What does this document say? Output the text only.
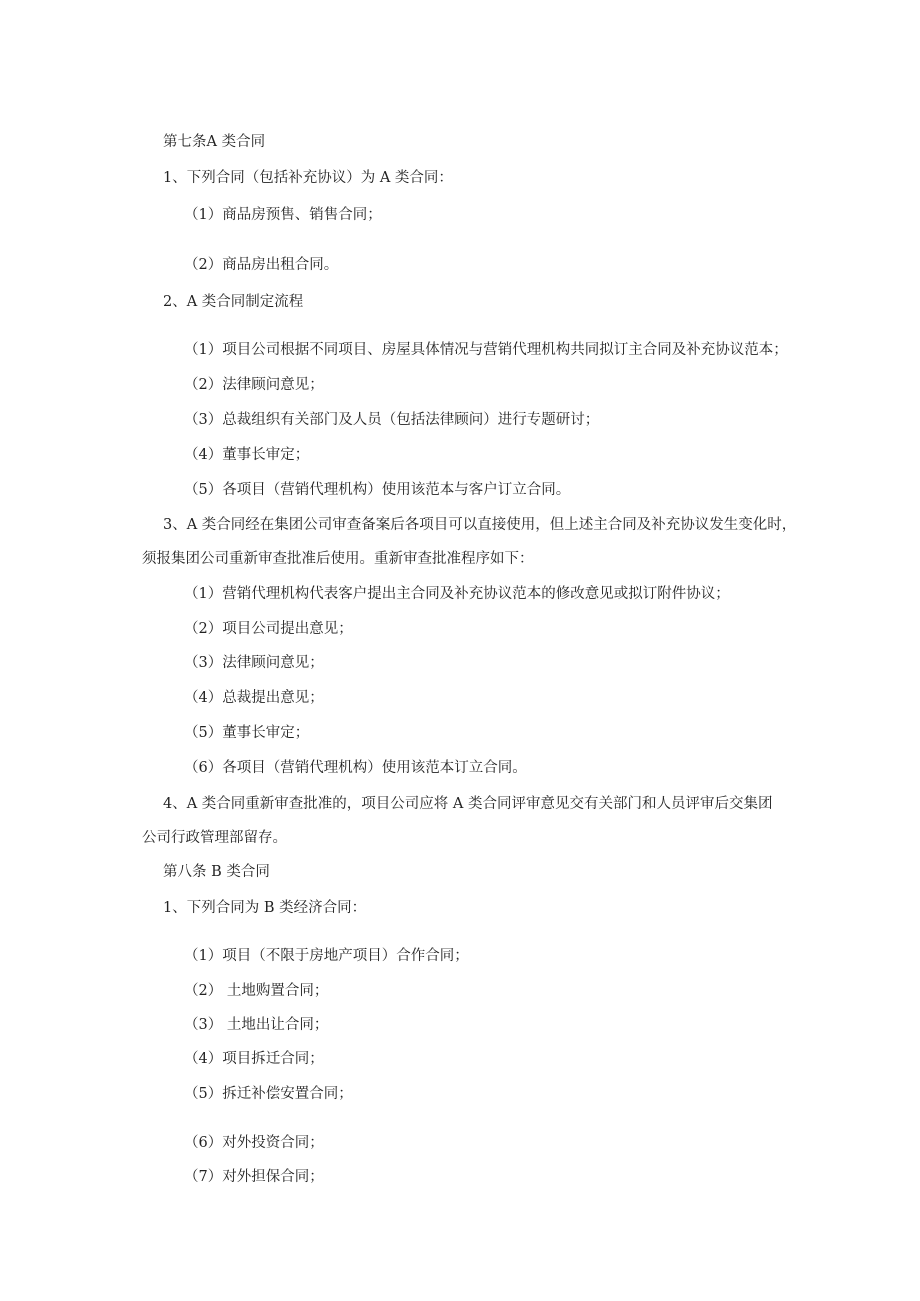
第七条A 类合同
1、下列合同（包括补充协议）为 A 类合同：
（1）商品房预售、销售合同；
（2）商品房出租合同。
2、A 类合同制定流程
（1）项目公司根据不同项目、房屋具体情况与营销代理机构共同拟订主合同及补充协议范本；
（2）法律顾问意见；
（3）总裁组织有关部门及人员（包括法律顾问）进行专题研讨；
（4）董事长审定；
（5）各项目（营销代理机构）使用该范本与客户订立合同。
3、A 类合同经在集团公司审查备案后各项目可以直接使用，但上述主合同及补充协议发生变化时，
须报集团公司重新审查批准后使用。重新审查批准程序如下：
（1）营销代理机构代表客户提出主合同及补充协议范本的修改意见或拟订附件协议；
（2）项目公司提出意见；
（3）法律顾问意见；
（4）总裁提出意见；
（5）董事长审定；
（6）各项目（营销代理机构）使用该范本订立合同。
4、A 类合同重新审查批准的，项目公司应将 A 类合同评审意见交有关部门和人员评审后交集团
公司行政管理部留存。
第八条 B 类合同
1、下列合同为 B 类经济合同：
（1）项目（不限于房地产项目）合作合同；
（2） 土地购置合同；
（3） 土地出让合同；
（4）项目拆迁合同；
（5）拆迁补偿安置合同；
（6）对外投资合同；
（7）对外担保合同；
